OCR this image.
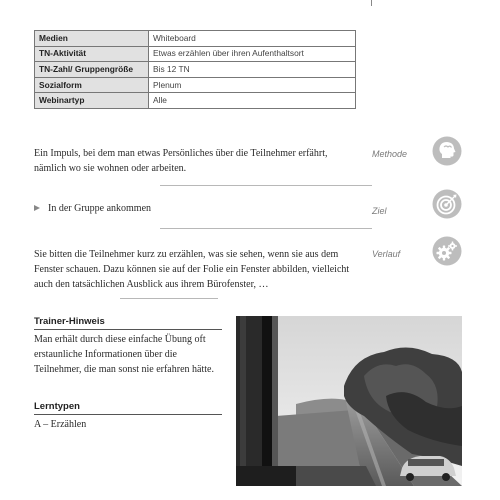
Medien	Whiteboard
TN-Aktivität	Etwas erzählen über ihren Aufenthaltsort
TN-Zahl/ Gruppengröße	Bis 12 TN
Sozialform	Plenum
Webinartyp	Alle

Ein Impuls, bei dem man etwas Persönliches über die Teilnehmer erfährt, nämlich wo sie wohnen oder arbeiten.

Methode
In der Gruppe ankommen	Ziel

Sie bitten die Teilnehmer kurz zu erzählen, was sie sehen, wenn sie aus dem Fenster schauen. Dazu können sie auf der Folie ein Fenster abbilden, vielleicht auch den tatsächlichen Ausblick aus ihrem Bürofenster, …

Verlauf
Trainer-Hinweis

Man erhält durch diese einfache Übung oft erstaunliche Informationen über die Teilnehmer, die man sonst nie erfahren hätte.

Lerntypen

A – Erzählen
